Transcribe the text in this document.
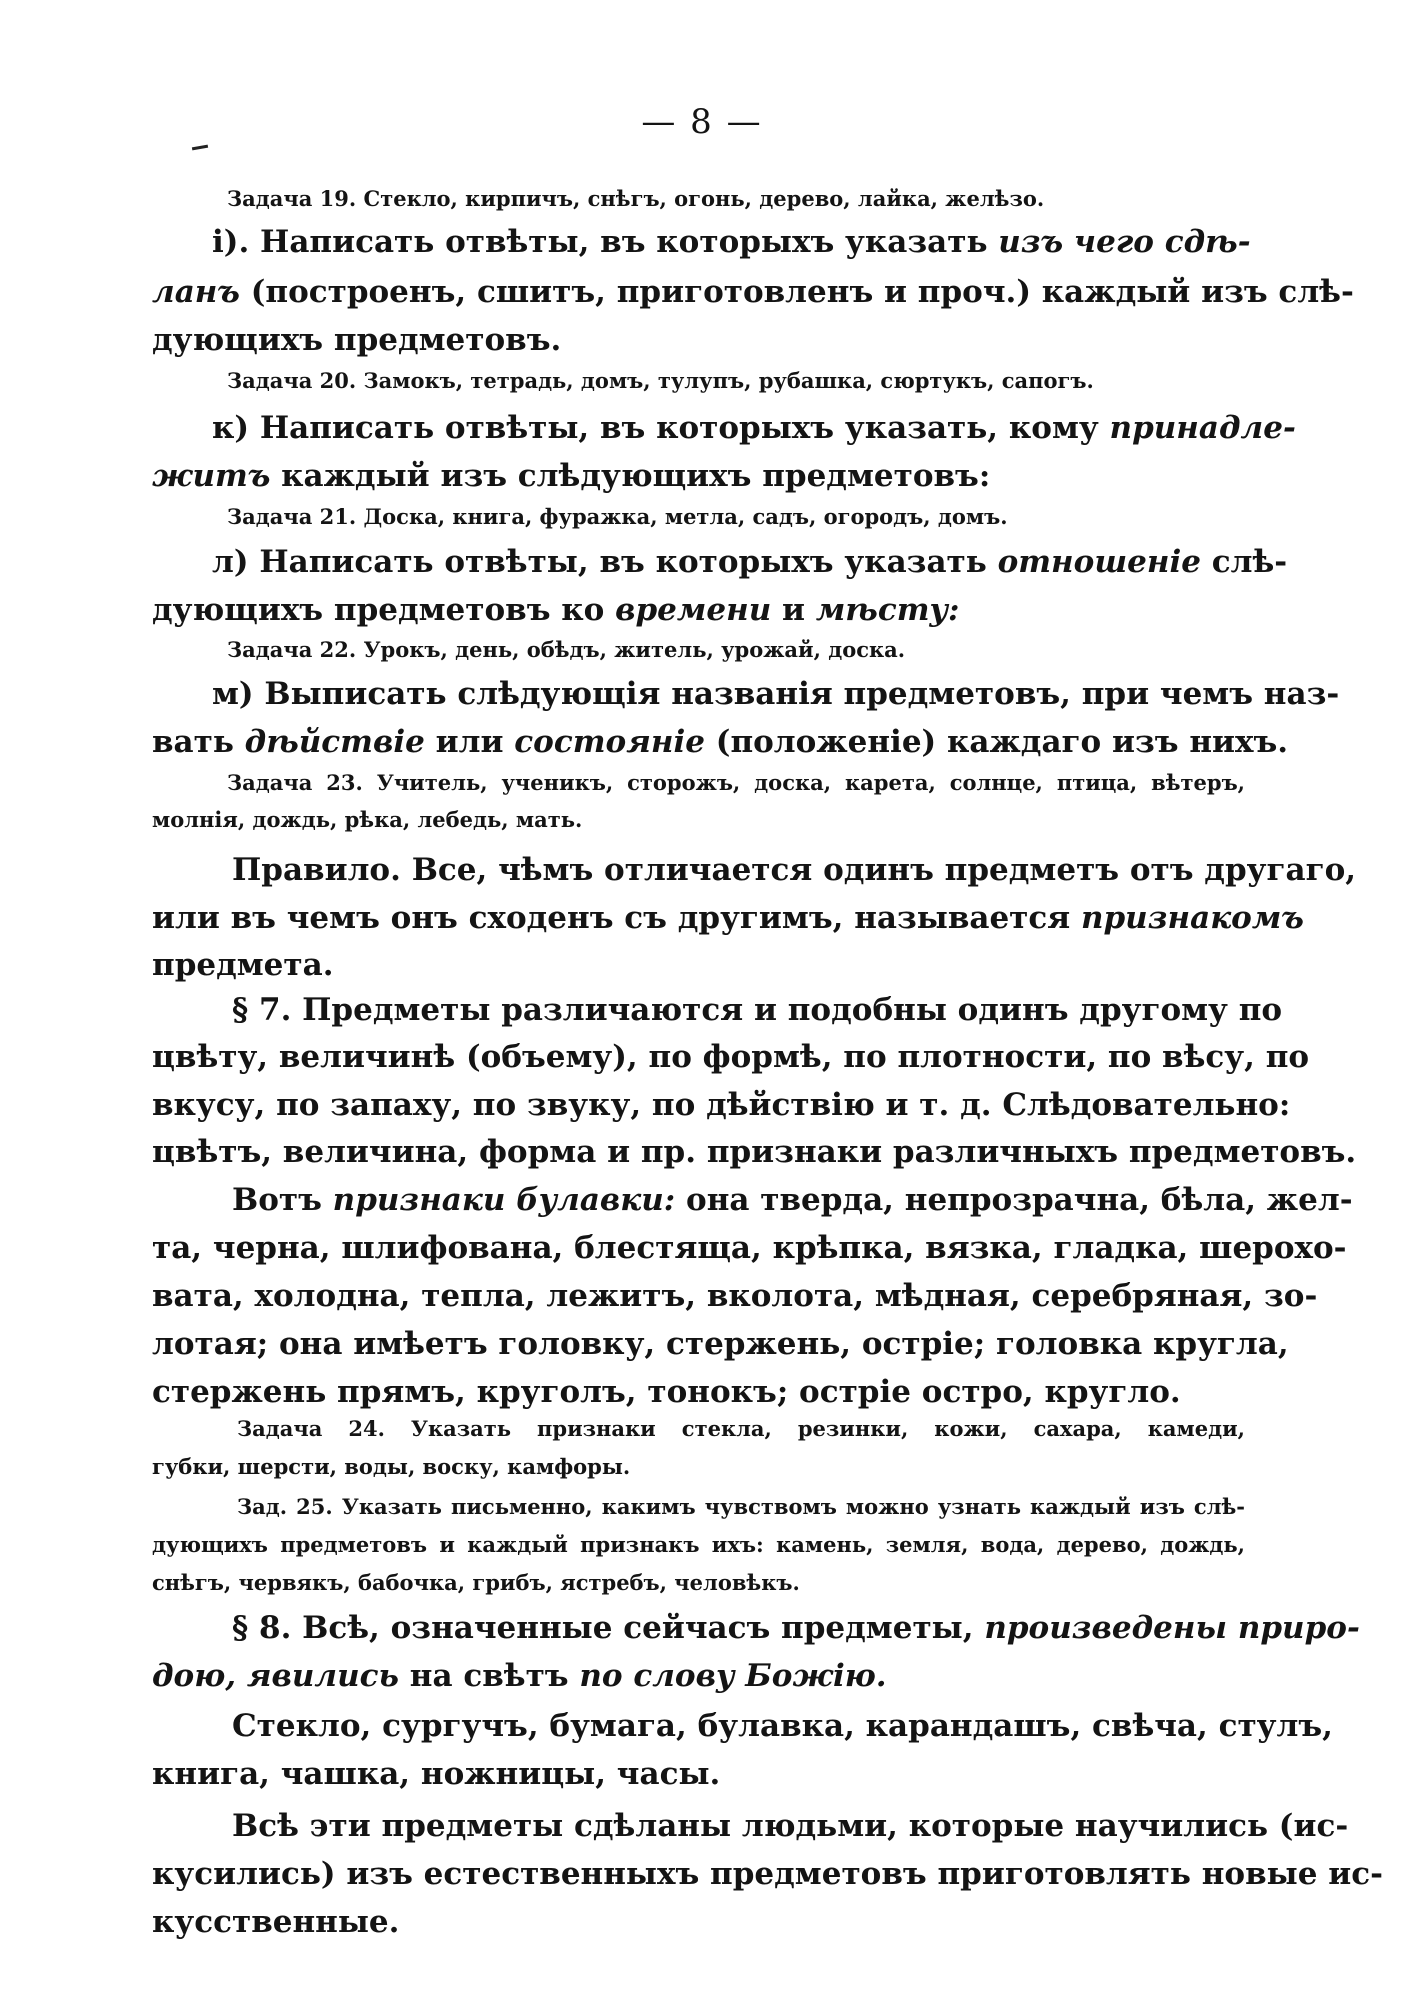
— 8 —

Задача 19. Стекло, кирпичъ, снѣгъ, огонь, дерево, лайка, желѣзо.

i). Написать отвѣты, въ которыхъ указать изъ чего сдѣ-

ланъ (построенъ, сшитъ, приготовленъ и проч.) каждый изъ слѣ-

дующихъ предметовъ.

Задача 20. Замокъ, тетрадь, домъ, тулупъ, рубашка, сюртукъ, сапогъ.

к) Написать отвѣты, въ которыхъ указать, кому принадле-

житъ каждый изъ слѣдующихъ предметовъ:

Задача 21. Доска, книга, фуражка, метла, садъ, огородъ, домъ.

л) Написать отвѣты, въ которыхъ указать отношенiе слѣ-

дующихъ предметовъ ко времени и мѣсту:

Задача 22. Урокъ, день, обѣдъ, житель, урожай, доска.

м) Выписать слѣдующiя названiя предметовъ, при чемъ наз-

вать дѣйствiе или состоянiе (положенiе) каждаго изъ нихъ.

Задача 23. Учитель, ученикъ, сторожъ, доска, карета, солнце, птица, вѣтеръ,

молнiя, дождь, рѣка, лебедь, мать.

Правило. Все, чѣмъ отличается одинъ предметъ отъ другаго,

или въ чемъ онъ сходенъ съ другимъ, называется признакомъ

предмета.

§ 7. Предметы различаются и подобны одинъ другому по

цвѣту, величинѣ (объему), по формѣ, по плотности, по вѣсу, по

вкусу, по запаху, по звуку, по дѣйствiю и т. д. Слѣдовательно:

цвѣтъ, величина, форма и пр. признаки различныхъ предметовъ.

Вотъ признаки булавки: она тверда, непрозрачна, бѣла, жел-

та, черна, шлифована, блестяща, крѣпка, вязка, гладка, шерохо-

вата, холодна, тепла, лежитъ, вколота, мѣдная, серебряная, зо-

лотая; она имѣетъ головку, стержень, острiе; головка кругла,

стержень прямъ, круголъ, тонокъ; острiе остро, кругло.

Задача 24. Указать признаки стекла, резинки, кожи, сахара, камеди,

губки, шерсти, воды, воску, камфоры.

Зад. 25. Указать письменно, какимъ чувствомъ можно узнать каждый изъ слѣ-

дующихъ предметовъ и каждый признакъ ихъ: камень, земля, вода, дерево, дождь,

снѣгъ, червякъ, бабочка, грибъ, ястребъ, человѣкъ.

§ 8. Всѣ, означенные сейчасъ предметы, произведены приро-

дою, явились на свѣтъ по слову Божiю.

Стекло, сургучъ, бумага, булавка, карандашъ, свѣча, стулъ,

книга, чашка, ножницы, часы.

Всѣ эти предметы сдѣланы людьми, которые научились (ис-

кусились) изъ естественныхъ предметовъ приготовлять новые ис-

кусственные.
